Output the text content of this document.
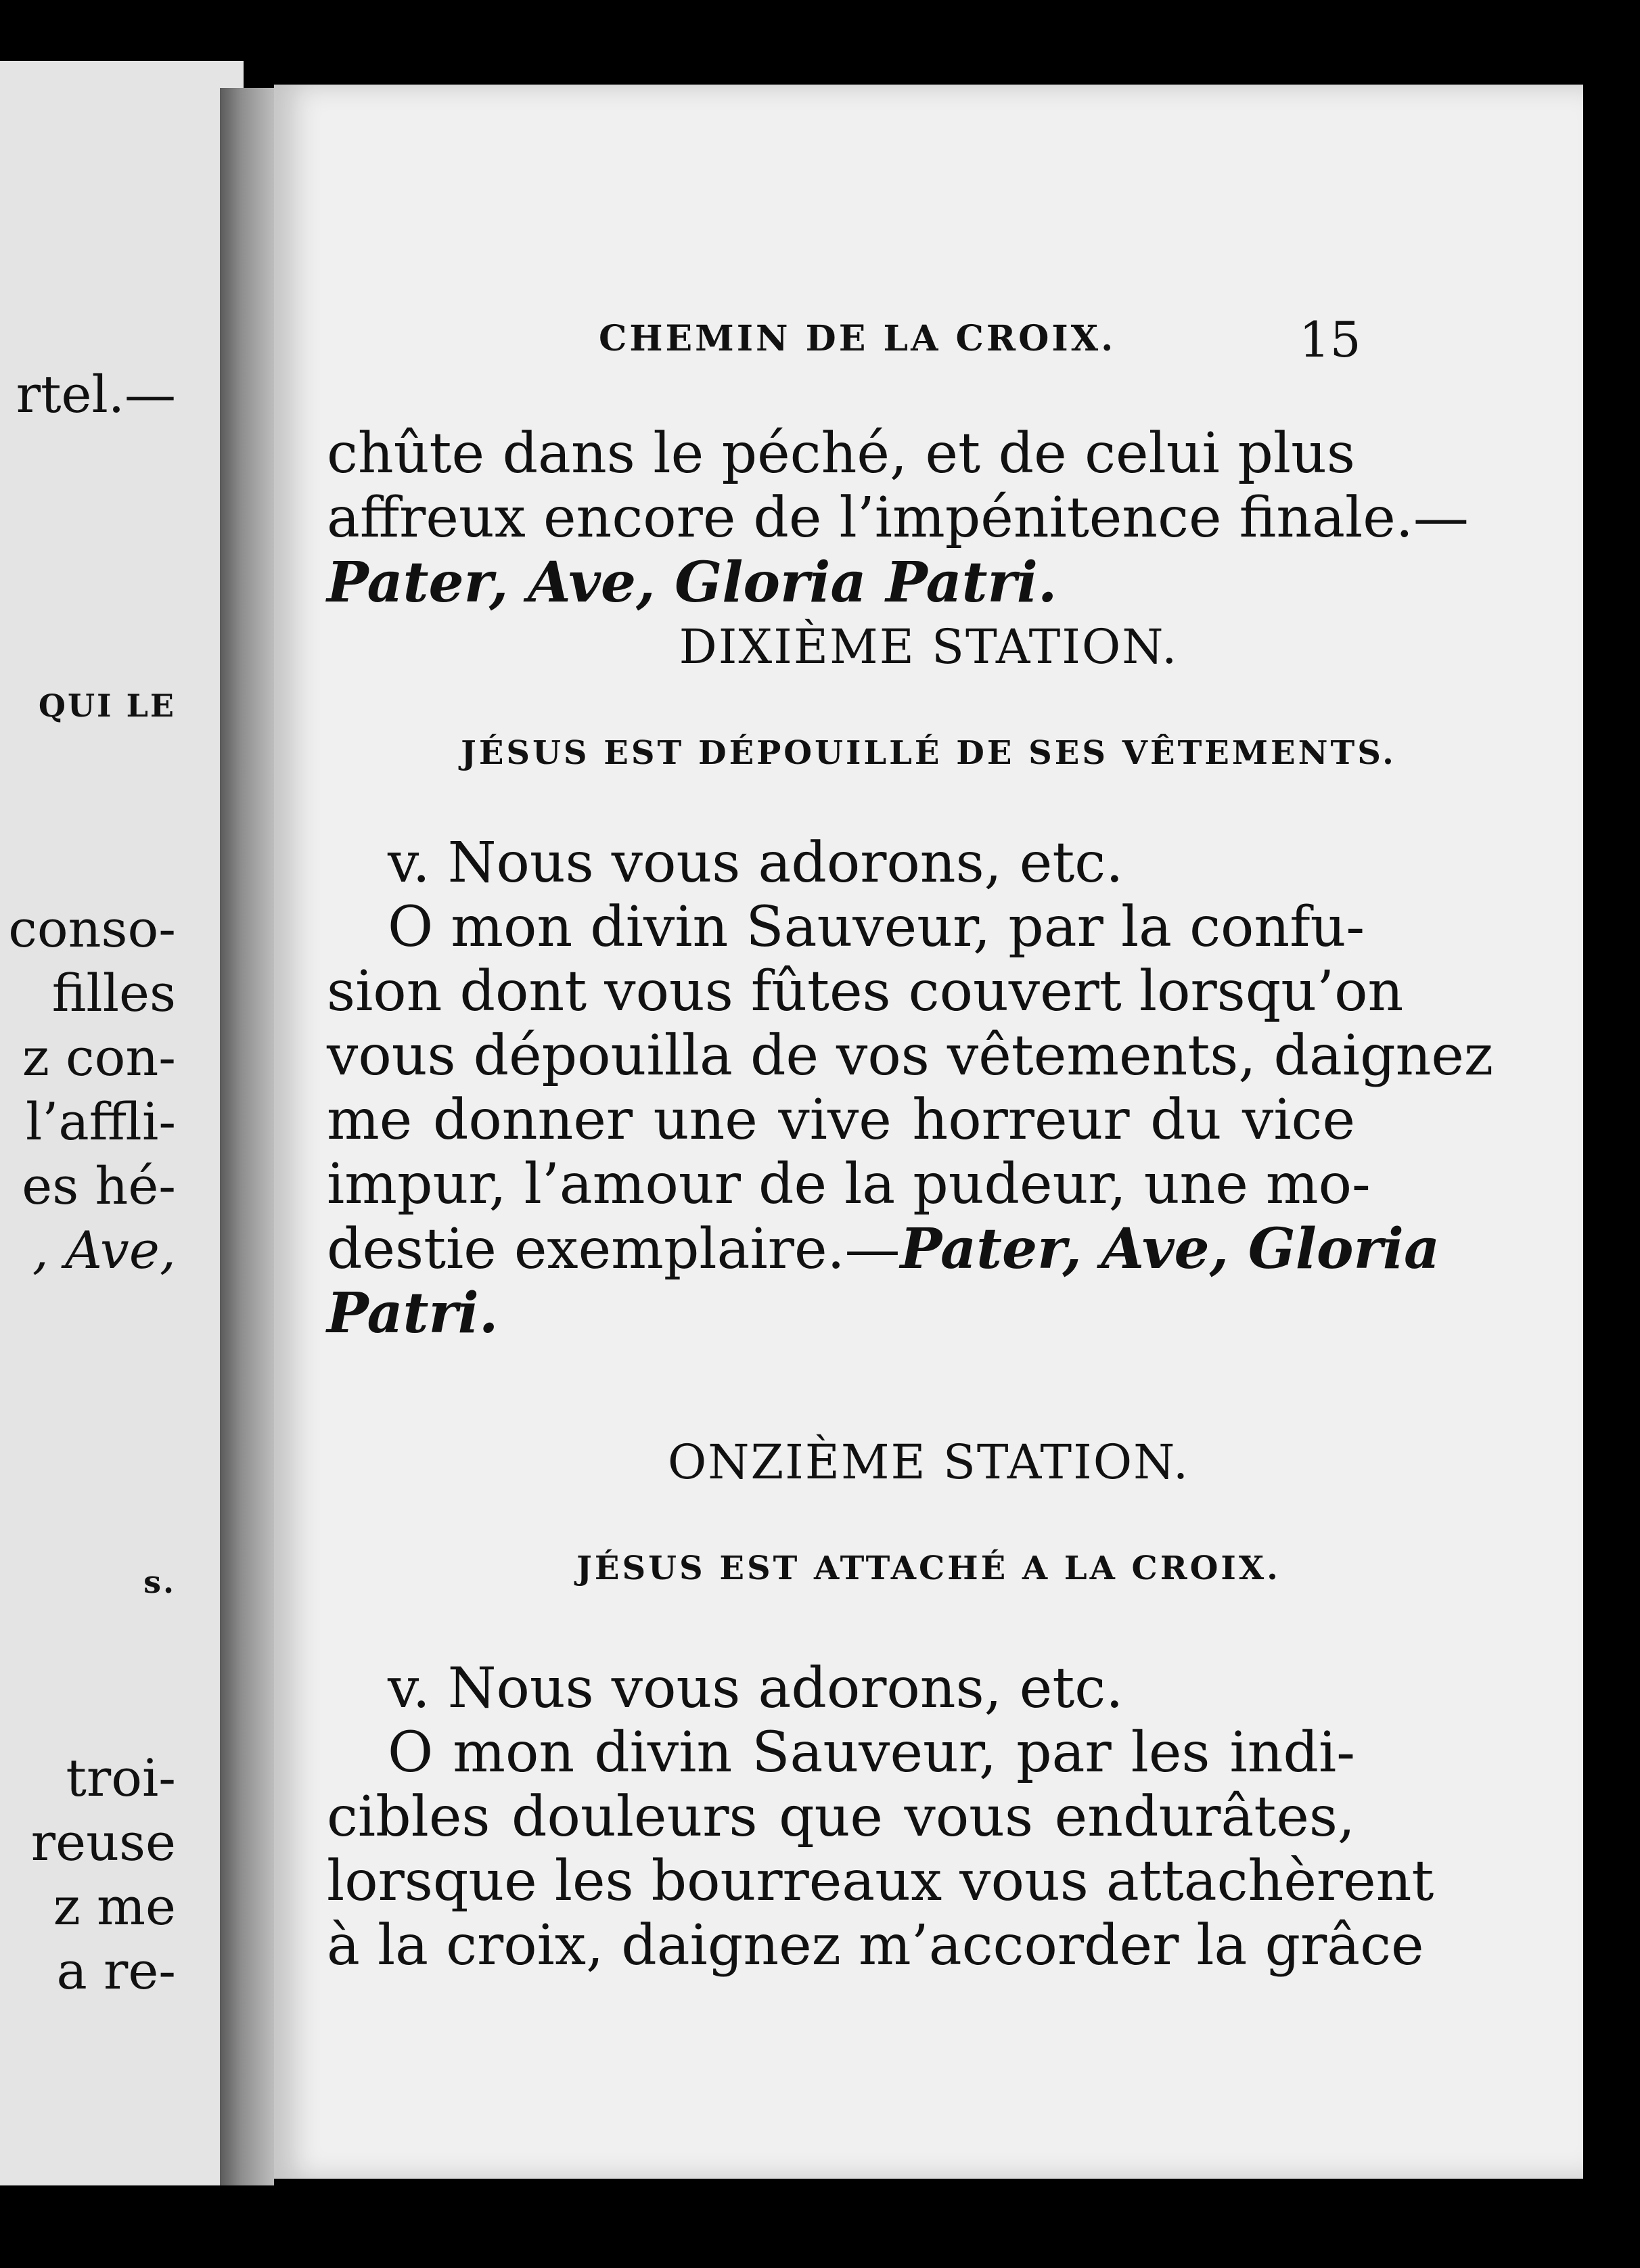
rtel.—
QUI LE
conso-
filles
z con-
l’affli-
es hé-
, Ave,
s.
troi-
reuse
z me
a re-
CHEMIN DE LA CROIX.	15
chûte dans le péché, et de celui plus
affreux encore de l’impénitence finale.—
Pater, Ave, Gloria Patri.
DIXIÈME STATION.
JÉSUS EST DÉPOUILLÉ DE SES VÊTEMENTS.
v. Nous vous adorons, etc.
O mon divin Sauveur, par la confu-
sion dont vous fûtes couvert lorsqu’on
vous dépouilla de vos vêtements, daignez
me donner une vive horreur du vice
impur, l’amour de la pudeur, une mo-
destie exemplaire.—Pater, Ave, Gloria
Patri.
ONZIÈME STATION.
JÉSUS EST ATTACHÉ A LA CROIX.
v. Nous vous adorons, etc.
O mon divin Sauveur, par les indi-
cibles douleurs que vous endurâtes,
lorsque les bourreaux vous attachèrent
à la croix, daignez m’accorder la grâce
